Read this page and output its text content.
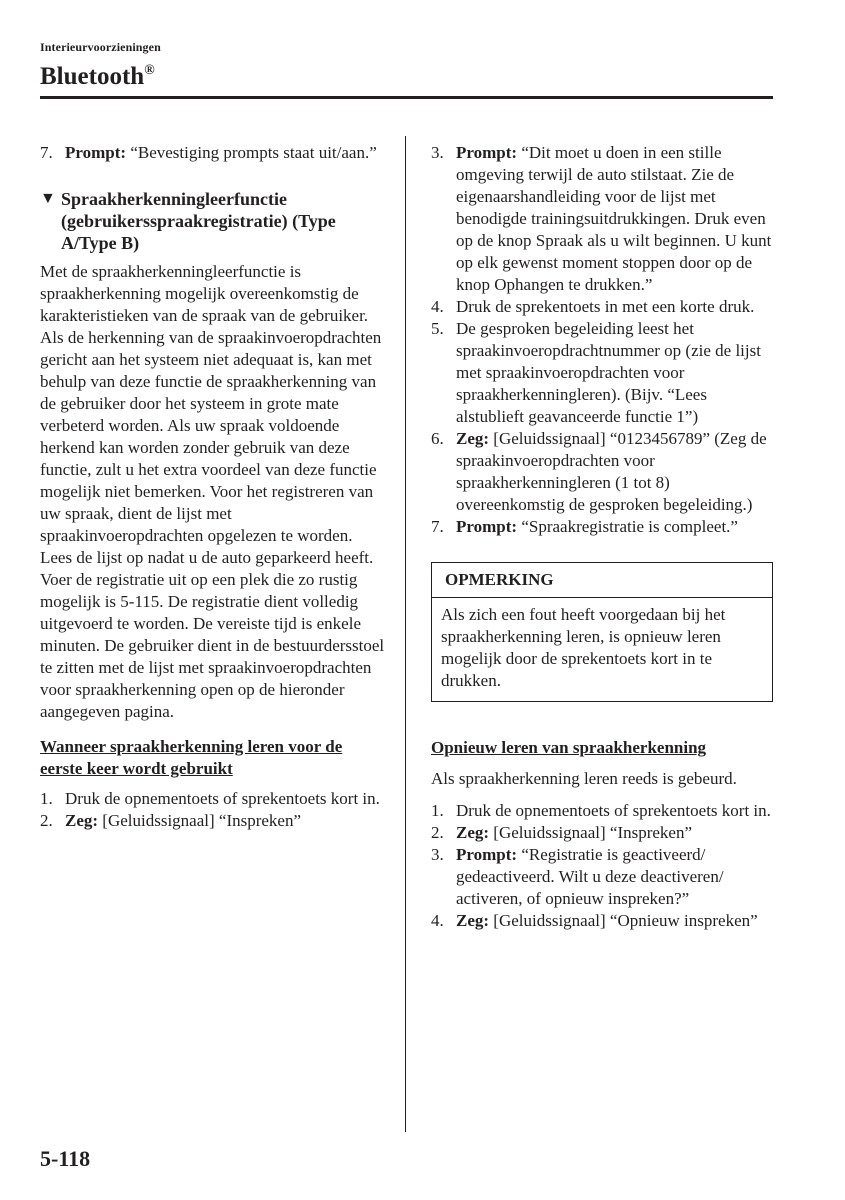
Interieurvoorzieningen
Bluetooth®
7. Prompt: “Bevestiging prompts staat uit/aan.”
▼ Spraakherkenningleerfunctie (gebruikersspraakregistratie) (Type A/Type B)

Met de spraakherkenningleerfunctie is spraakherkenning mogelijk overeenkomstig de karakteristieken van de spraak van de gebruiker. Als de herkenning van de spraakinvoeropdrachten gericht aan het systeem niet adequaat is, kan met behulp van deze functie de spraakherkenning van de gebruiker door het systeem in grote mate verbeterd worden. Als uw spraak voldoende herkend kan worden zonder gebruik van deze functie, zult u het extra voordeel van deze functie mogelijk niet bemerken. Voor het registreren van uw spraak, dient de lijst met spraakinvoeropdrachten opgelezen te worden. Lees de lijst op nadat u de auto geparkeerd heeft. Voer de registratie uit op een plek die zo rustig mogelijk is 5-115. De registratie dient volledig uitgevoerd te worden. De vereiste tijd is enkele minuten. De gebruiker dient in de bestuurdersstoel te zitten met de lijst met spraakinvoeropdrachten voor spraakherkenning open op de hieronder aangegeven pagina.

Wanneer spraakherkenning leren voor de eerste keer wordt gebruikt
1. Druk de opnementoets of sprekentoets kort in.
2. Zeg: [Geluidssignaal] “Inspreken”
3. Prompt: “Dit moet u doen in een stille omgeving terwijl de auto stilstaat. Zie de eigenaarshandleiding voor de lijst met benodigde trainingsuitdrukkingen. Druk even op de knop Spraak als u wilt beginnen. U kunt op elk gewenst moment stoppen door op de knop Ophangen te drukken.”
4. Druk de sprekentoets in met een korte druk.
5. De gesproken begeleiding leest het spraakinvoeropdrachtnummer op (zie de lijst met spraakinvoeropdrachten voor spraakherkenningleren). (Bijv. “Lees alstublieft geavanceerde functie 1”)
6. Zeg: [Geluidssignaal] “0123456789” (Zeg de spraakinvoeropdrachten voor spraakherkenningleren (1 tot 8) overeenkomstig de gesproken begeleiding.)
7. Prompt: “Spraakregistratie is compleet.”
OPMERKING
Als zich een fout heeft voorgedaan bij het spraakherkenning leren, is opnieuw leren mogelijk door de sprekentoets kort in te drukken.
Opnieuw leren van spraakherkenning

Als spraakherkenning leren reeds is gebeurd.

1. Druk de opnementoets of sprekentoets kort in.
2. Zeg: [Geluidssignaal] “Inspreken”
3. Prompt: “Registratie is geactiveerd/ gedeactiveerd. Wilt u deze deactiveren/ activeren, of opnieuw inspreken?”
4. Zeg: [Geluidssignaal] “Opnieuw inspreken”
5-118
